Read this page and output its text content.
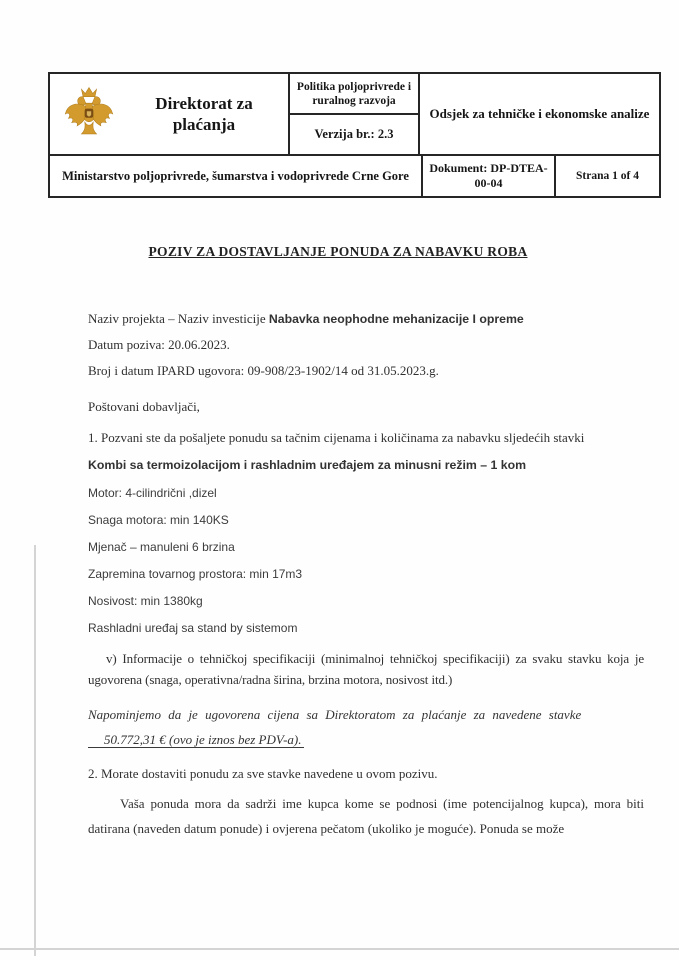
Direktorat za plaćanja
Politika poljoprivrede i ruralnog razvoja
Verzija br.: 2.3
Odsjek za tehničke i ekonomske analize
Ministarstvo poljoprivrede, šumarstva i vodoprivrede Crne Gore
Dokument: DP-DTEA-00-04	Strana 1 of 4
POZIV ZA DOSTAVLJANJE PONUDA ZA NABAVKU ROBA

Naziv projekta – Naziv investicije Nabavka neophodne mehanizacije I opreme

Datum poziva: 20.06.2023.

Broj i datum IPARD ugovora: 09-908/23-1902/14 od 31.05.2023.g.

Poštovani dobavljači,

1. Pozvani ste da pošaljete ponudu sa tačnim cijenama i količinama za nabavku sljedećih stavki

Kombi sa termoizolacijom i rashladnim uređajem za minusni režim – 1 kom

Motor: 4-cilindrični ,dizel
Snaga motora: min 140KS
Mjenač – manuleni 6 brzina
Zapremina tovarnog prostora: min 17m3
Nosivost: min 1380kg
Rashladni uređaj sa stand by sistemom

v) Informacije o tehničkoj specifikaciji (minimalnoj tehničkoj specifikaciji) za svaku stavku koja je ugovorena (snaga, operativna/radna širina, brzina motora, nosivost itd.)

Napominjemo da je ugovorena cijena sa Direktoratom za plaćanje za navedene stavke
50.772,31 € (ovo je iznos bez PDV-a).

2. Morate dostaviti ponudu za sve stavke navedene u ovom pozivu.

Vaša ponuda mora da sadrži ime kupca kome se podnosi (ime potencijalnog kupca), mora biti datirana (naveden datum ponude) i ovjerena pečatom (ukoliko je moguće). Ponuda se može
